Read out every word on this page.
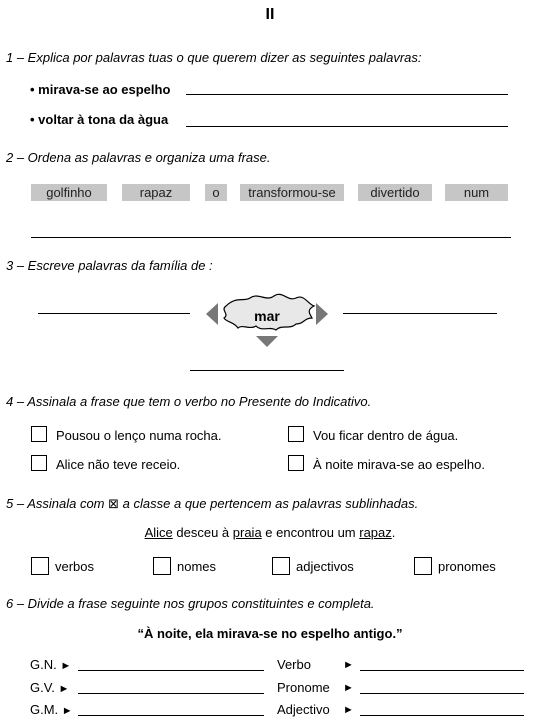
II
1 – Explica por palavras tuas o que querem dizer as seguintes palavras:
• mirava-se ao espelho
• voltar à tona da àgua
2 – Ordena as palavras e organiza uma frase.
golfinho	rapaz	o	transformou-se	divertido	num
3 – Escreve palavras da família de :
mar
4 – Assinala a frase que tem o verbo no Presente do Indicativo.
Pousou o lenço numa rocha.	Vou ficar dentro de água.
Alice não teve receio.	À noite mirava-se ao espelho.
5 – Assinala com ⊠ a classe a que pertencem as palavras sublinhadas.
Alice desceu à praia e encontrou um rapaz.
verbos	nomes	adjectivos	pronomes
6 – Divide a frase seguinte nos grupos constituintes e completa.
“À noite, ela mirava-se no espelho antigo.”
G.N. ►	Verbo	►
G.V. ►	Pronome ►
G.M. ►	Adjectivo ►
